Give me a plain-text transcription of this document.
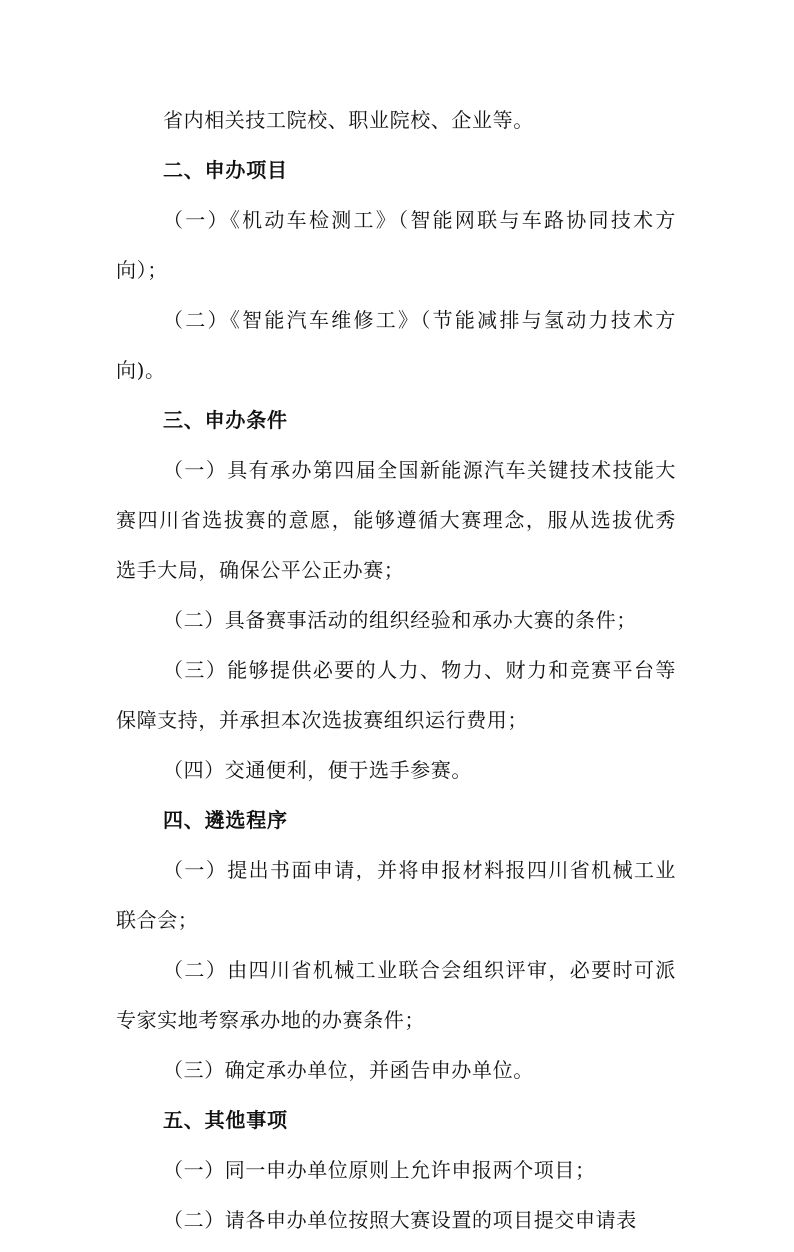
省内相关技工院校、职业院校、企业等。
二、申办项目
（一）《机动车检测工》（智能网联与车路协同技术方
向）；
（二）《智能汽车维修工》（节能减排与氢动力技术方
向)。
三、申办条件
（一）具有承办第四届全国新能源汽车关键技术技能大
赛四川省选拔赛的意愿，能够遵循大赛理念，服从选拔优秀
选手大局，确保公平公正办赛；
（二）具备赛事活动的组织经验和承办大赛的条件；
（三）能够提供必要的人力、物力、财力和竞赛平台等
保障支持，并承担本次选拔赛组织运行费用；
（四）交通便利，便于选手参赛。
四、遴选程序
（一）提出书面申请，并将申报材料报四川省机械工业
联合会；
（二）由四川省机械工业联合会组织评审，必要时可派
专家实地考察承办地的办赛条件；
（三）确定承办单位，并函告申办单位。
五、其他事项
（一）同一申办单位原则上允许申报两个项目；
（二）请各申办单位按照大赛设置的项目提交申请表
